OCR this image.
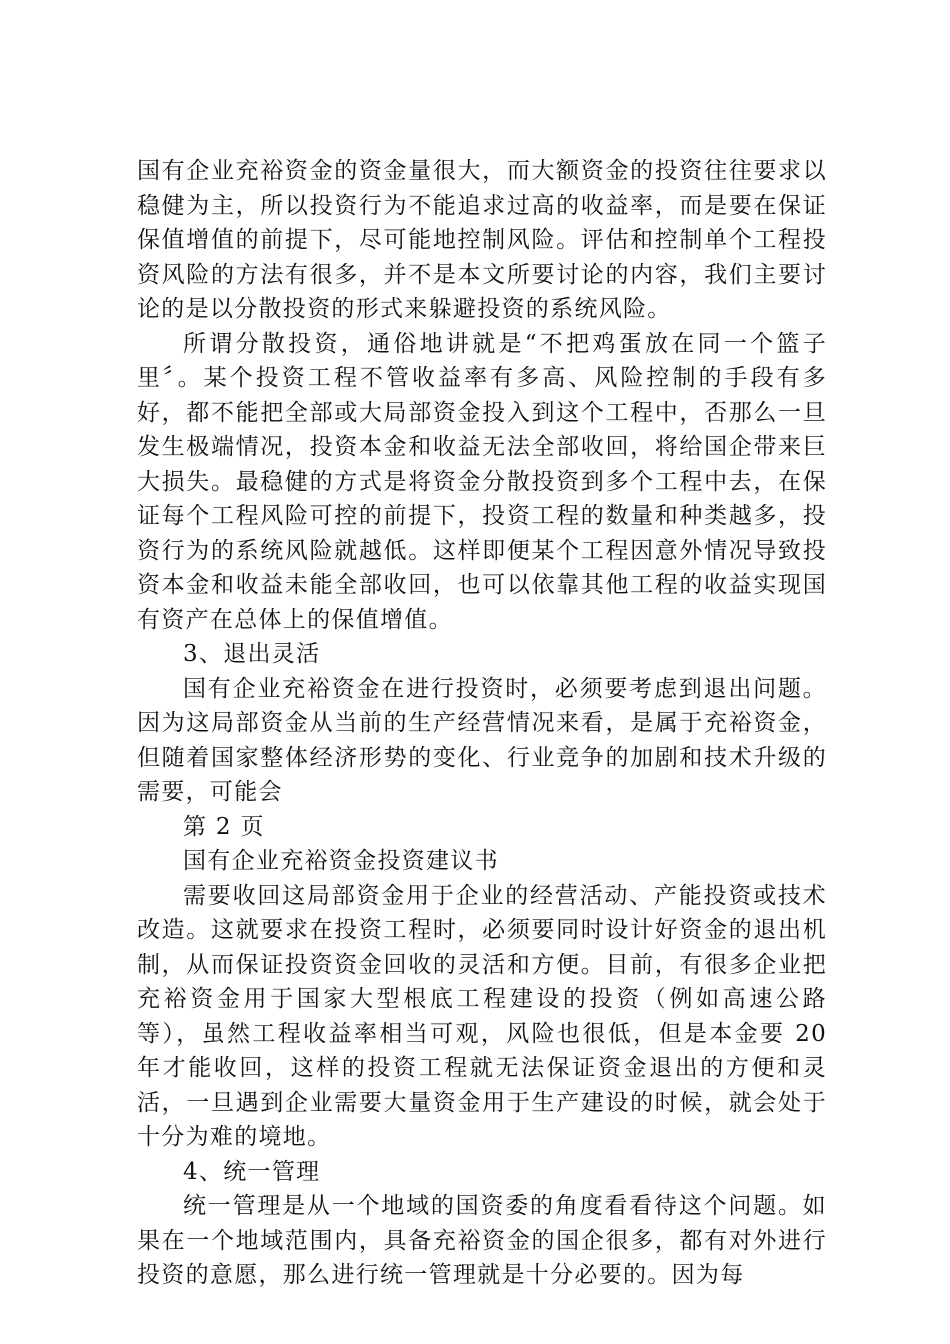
国有企业充裕资金的资金量很大，而大额资金的投资往往要求以稳健为主，所以投资行为不能追求过高的收益率，而是要在保证保值增值的前提下，尽可能地控制风险。评估和控制单个工程投资风险的方法有很多，并不是本文所要讨论的内容，我们主要讨论的是以分散投资的形式来躲避投资的系统风险。

所谓分散投资，通俗地讲就是“不把鸡蛋放在同一个篮子里〞。某个投资工程不管收益率有多高、风险控制的手段有多好，都不能把全部或大局部资金投入到这个工程中，否那么一旦发生极端情况，投资本金和收益无法全部收回，将给国企带来巨大损失。最稳健的方式是将资金分散投资到多个工程中去，在保证每个工程风险可控的前提下，投资工程的数量和种类越多，投资行为的系统风险就越低。这样即便某个工程因意外情况导致投资本金和收益未能全部收回，也可以依靠其他工程的收益实现国有资产在总体上的保值增值。

3、退出灵活

国有企业充裕资金在进行投资时，必须要考虑到退出问题。因为这局部资金从当前的生产经营情况来看，是属于充裕资金，但随着国家整体经济形势的变化、行业竞争的加剧和技术升级的需要，可能会

第 2 页

国有企业充裕资金投资建议书

需要收回这局部资金用于企业的经营活动、产能投资或技术改造。这就要求在投资工程时，必须要同时设计好资金的退出机制，从而保证投资资金回收的灵活和方便。目前，有很多企业把充裕资金用于国家大型根底工程建设的投资（例如高速公路等），虽然工程收益率相当可观，风险也很低，但是本金要 20 年才能收回，这样的投资工程就无法保证资金退出的方便和灵活，一旦遇到企业需要大量资金用于生产建设的时候，就会处于十分为难的境地。

4、统一管理

统一管理是从一个地域的国资委的角度看看待这个问题。如果在一个地域范围内，具备充裕资金的国企很多，都有对外进行投资的意愿，那么进行统一管理就是十分必要的。因为每
